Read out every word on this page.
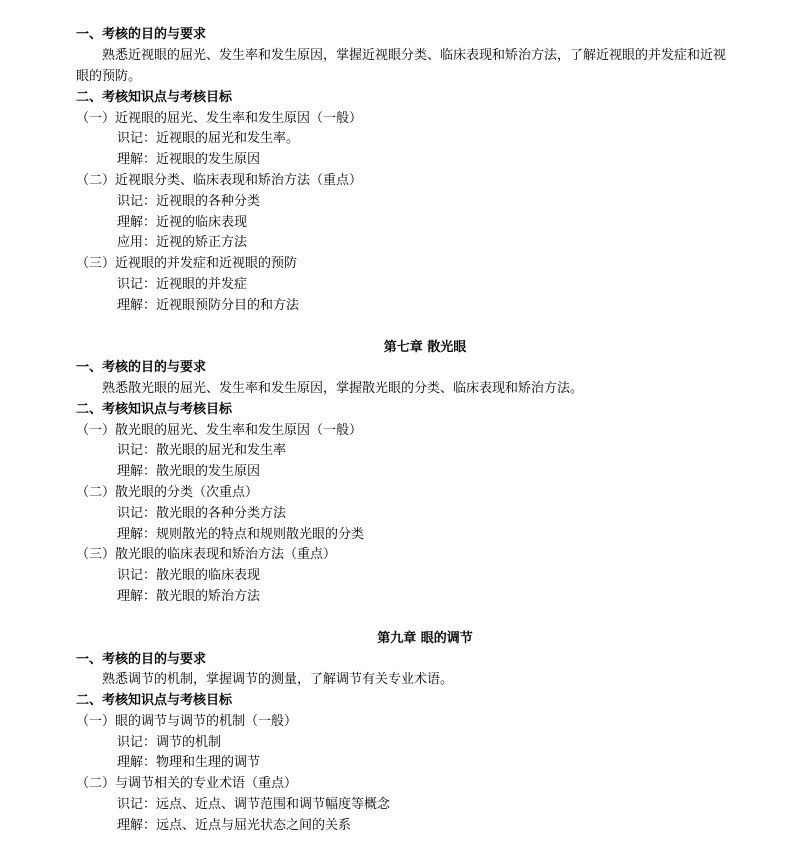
一、考核的目的与要求
熟悉近视眼的屈光、发生率和发生原因，掌握近视眼分类、临床表现和矫治方法，了解近视眼的并发症和近视
眼的预防。
二、考核知识点与考核目标
（一）近视眼的屈光、发生率和发生原因（一般）
识记：近视眼的屈光和发生率。
理解：近视眼的发生原因
（二）近视眼分类、临床表现和矫治方法（重点）
识记：近视眼的各种分类
理解：近视的临床表现
应用：近视的矫正方法
（三）近视眼的并发症和近视眼的预防
识记：近视眼的并发症
理解：近视眼预防分目的和方法
第七章 散光眼
一、考核的目的与要求
熟悉散光眼的屈光、发生率和发生原因，掌握散光眼的分类、临床表现和矫治方法。
二、考核知识点与考核目标
（一）散光眼的屈光、发生率和发生原因（一般）
识记：散光眼的屈光和发生率
理解：散光眼的发生原因
（二）散光眼的分类（次重点）
识记：散光眼的各种分类方法
理解：规则散光的特点和规则散光眼的分类
（三）散光眼的临床表现和矫治方法（重点）
识记：散光眼的临床表现
理解：散光眼的矫治方法
第九章 眼的调节
一、考核的目的与要求
熟悉调节的机制，掌握调节的测量，了解调节有关专业术语。
二、考核知识点与考核目标
（一）眼的调节与调节的机制（一般）
识记：调节的机制
理解：物理和生理的调节
（二）与调节相关的专业术语（重点）
识记：远点、近点、调节范围和调节幅度等概念
理解：远点、近点与屈光状态之间的关系
